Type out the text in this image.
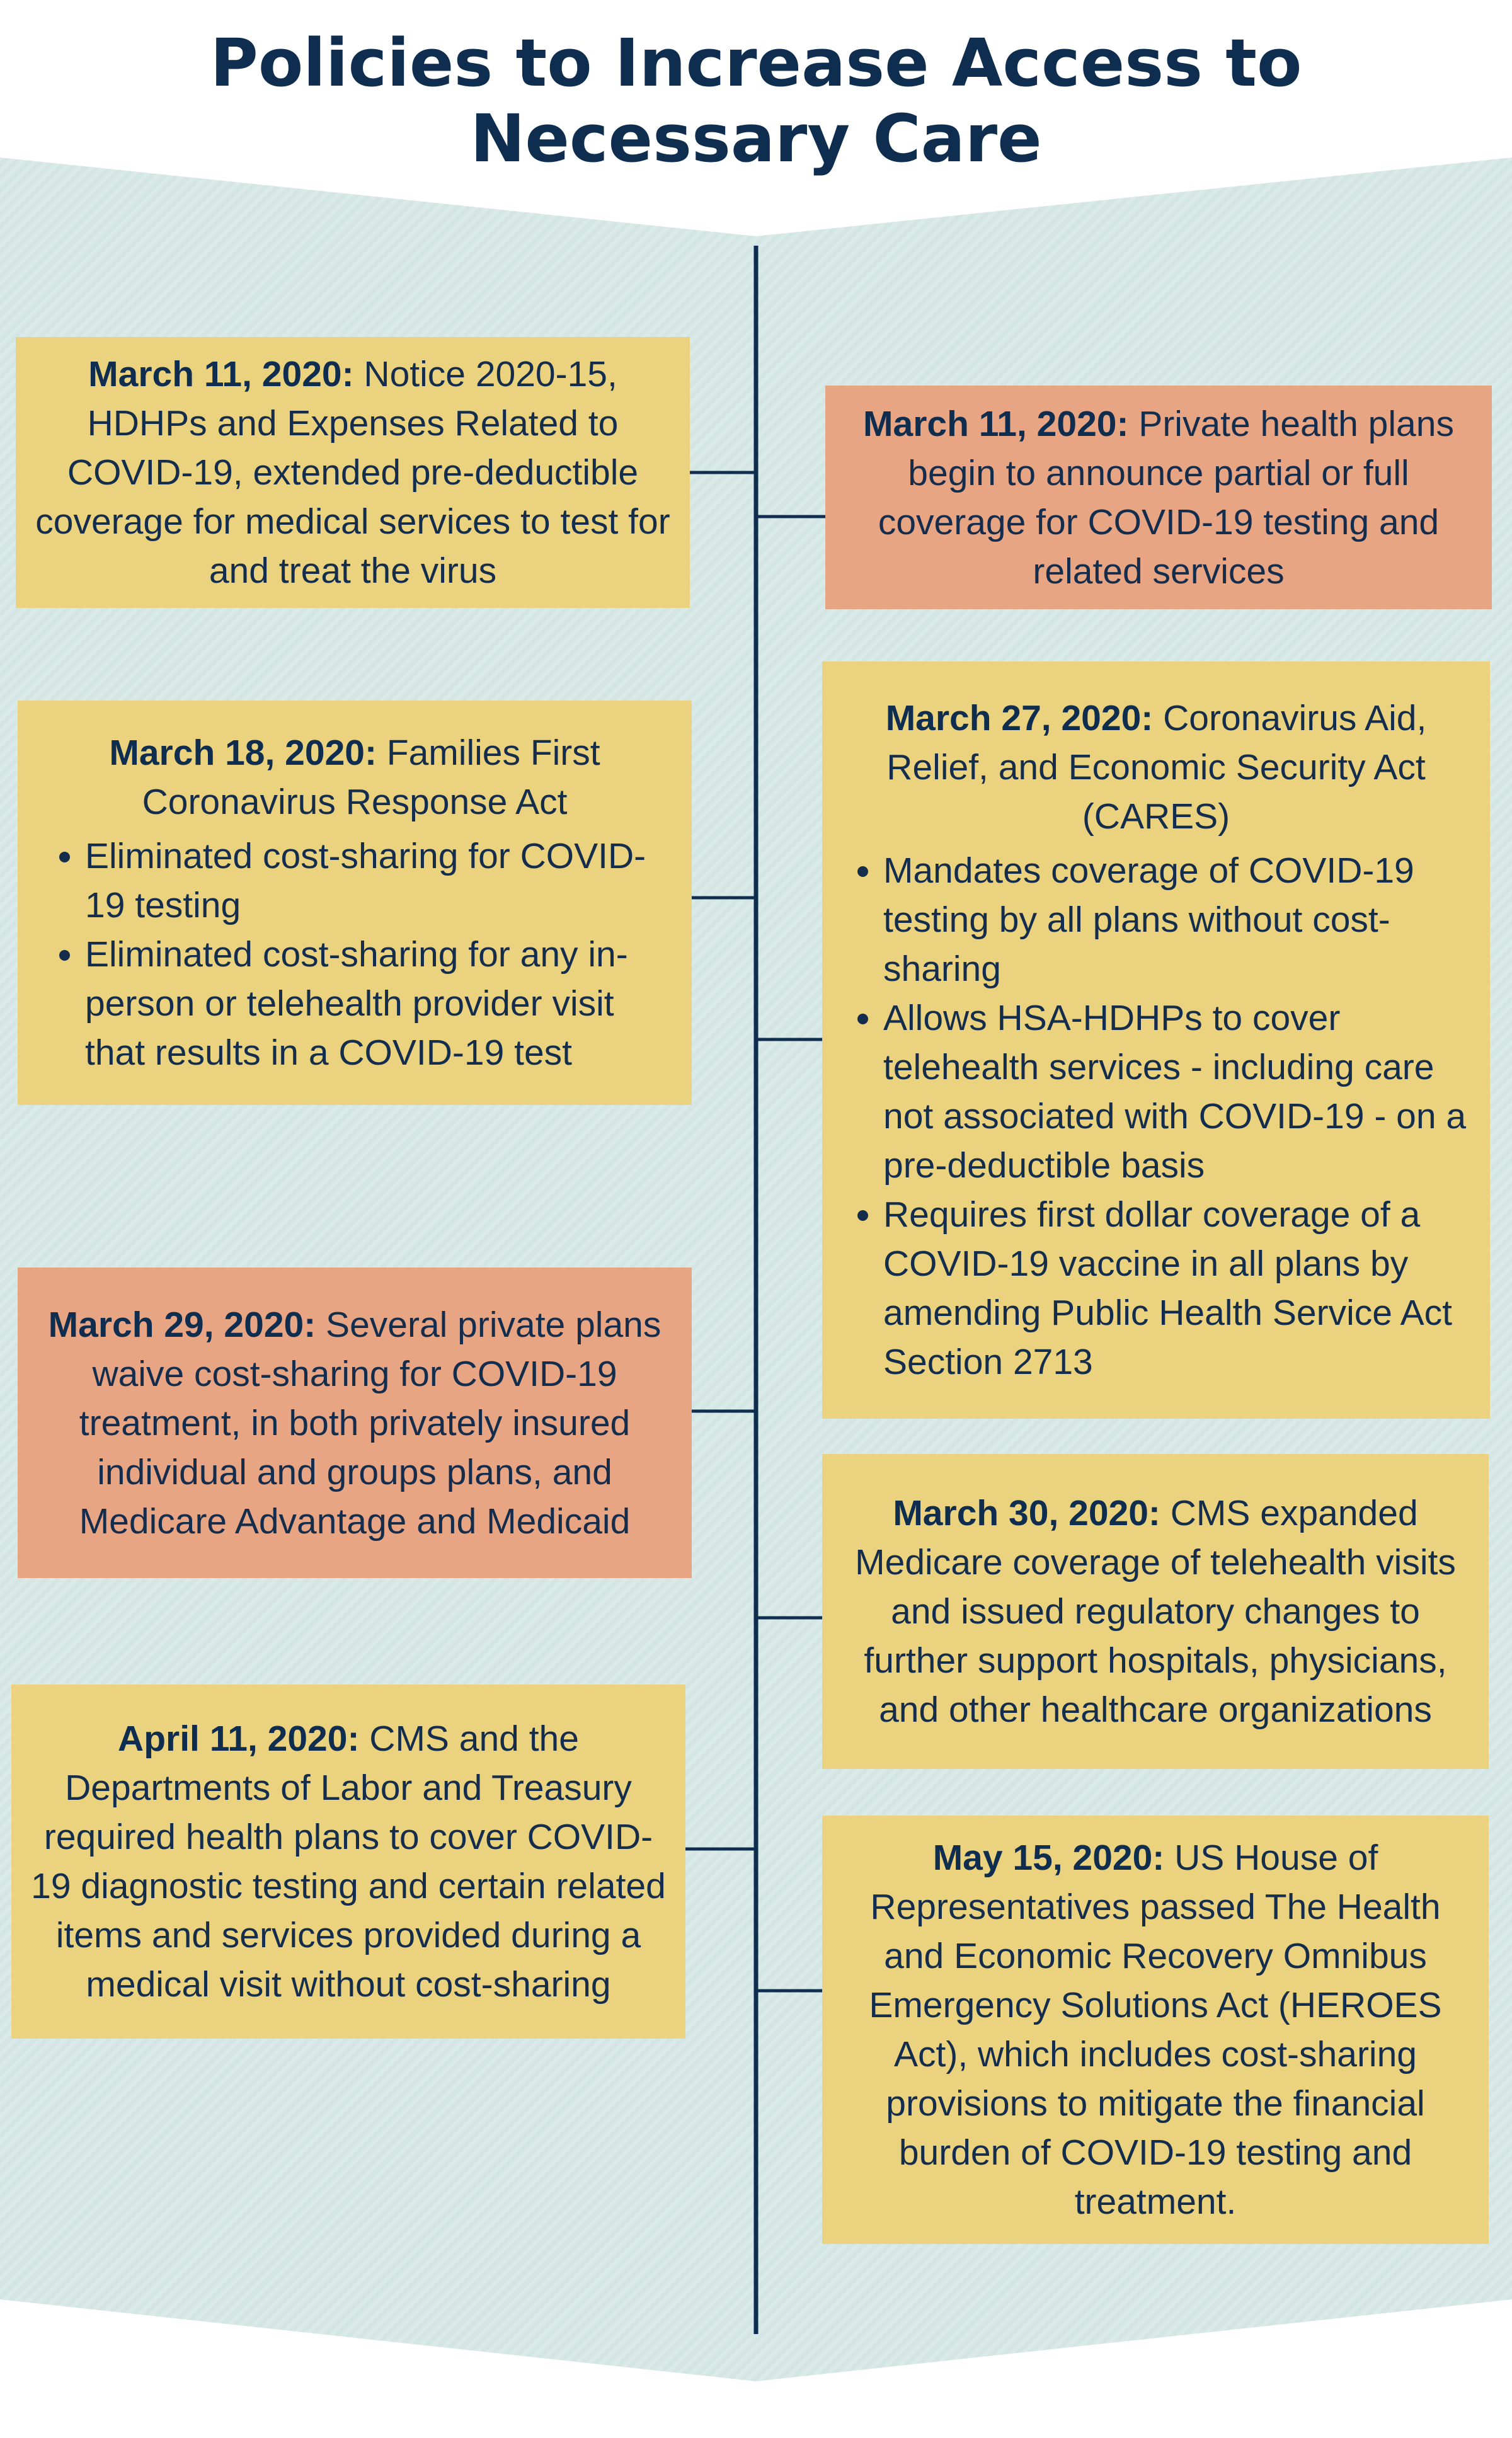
Policies to Increase Access to
Necessary Care

March 11, 2020: Notice 2020-15, HDHPs and Expenses Related to COVID-19, extended pre-deductible coverage for medical services to test for and treat the virus

March 18, 2020: Families First Coronavirus Response Act

• Eliminated cost-sharing for COVID-19 testing
• Eliminated cost-sharing for any in-person or telehealth provider visit that results in a COVID-19 test

March 29, 2020: Several private plans waive cost-sharing for COVID-19 treatment, in both privately insured individual and groups plans, and Medicare Advantage and Medicaid

April 11, 2020: CMS and the Departments of Labor and Treasury required health plans to cover COVID-19 diagnostic testing and certain related items and services provided during a medical visit without cost-sharing

March 11, 2020: Private health plans begin to announce partial or full coverage for COVID-19 testing and related services

March 27, 2020: Coronavirus Aid, Relief, and Economic Security Act (CARES)

• Mandates coverage of COVID-19 testing by all plans without cost-sharing
• Allows HSA-HDHPs to cover telehealth services - including care not associated with COVID-19 - on a pre-deductible basis
• Requires first dollar coverage of a COVID-19 vaccine in all plans by amending Public Health Service Act Section 2713

March 30, 2020: CMS expanded Medicare coverage of telehealth visits and issued regulatory changes to further support hospitals, physicians, and other healthcare organizations

May 15, 2020: US House of Representatives passed The Health and Economic Recovery Omnibus Emergency Solutions Act (HEROES Act), which includes cost-sharing provisions to mitigate the financial burden of COVID-19 testing and treatment.
